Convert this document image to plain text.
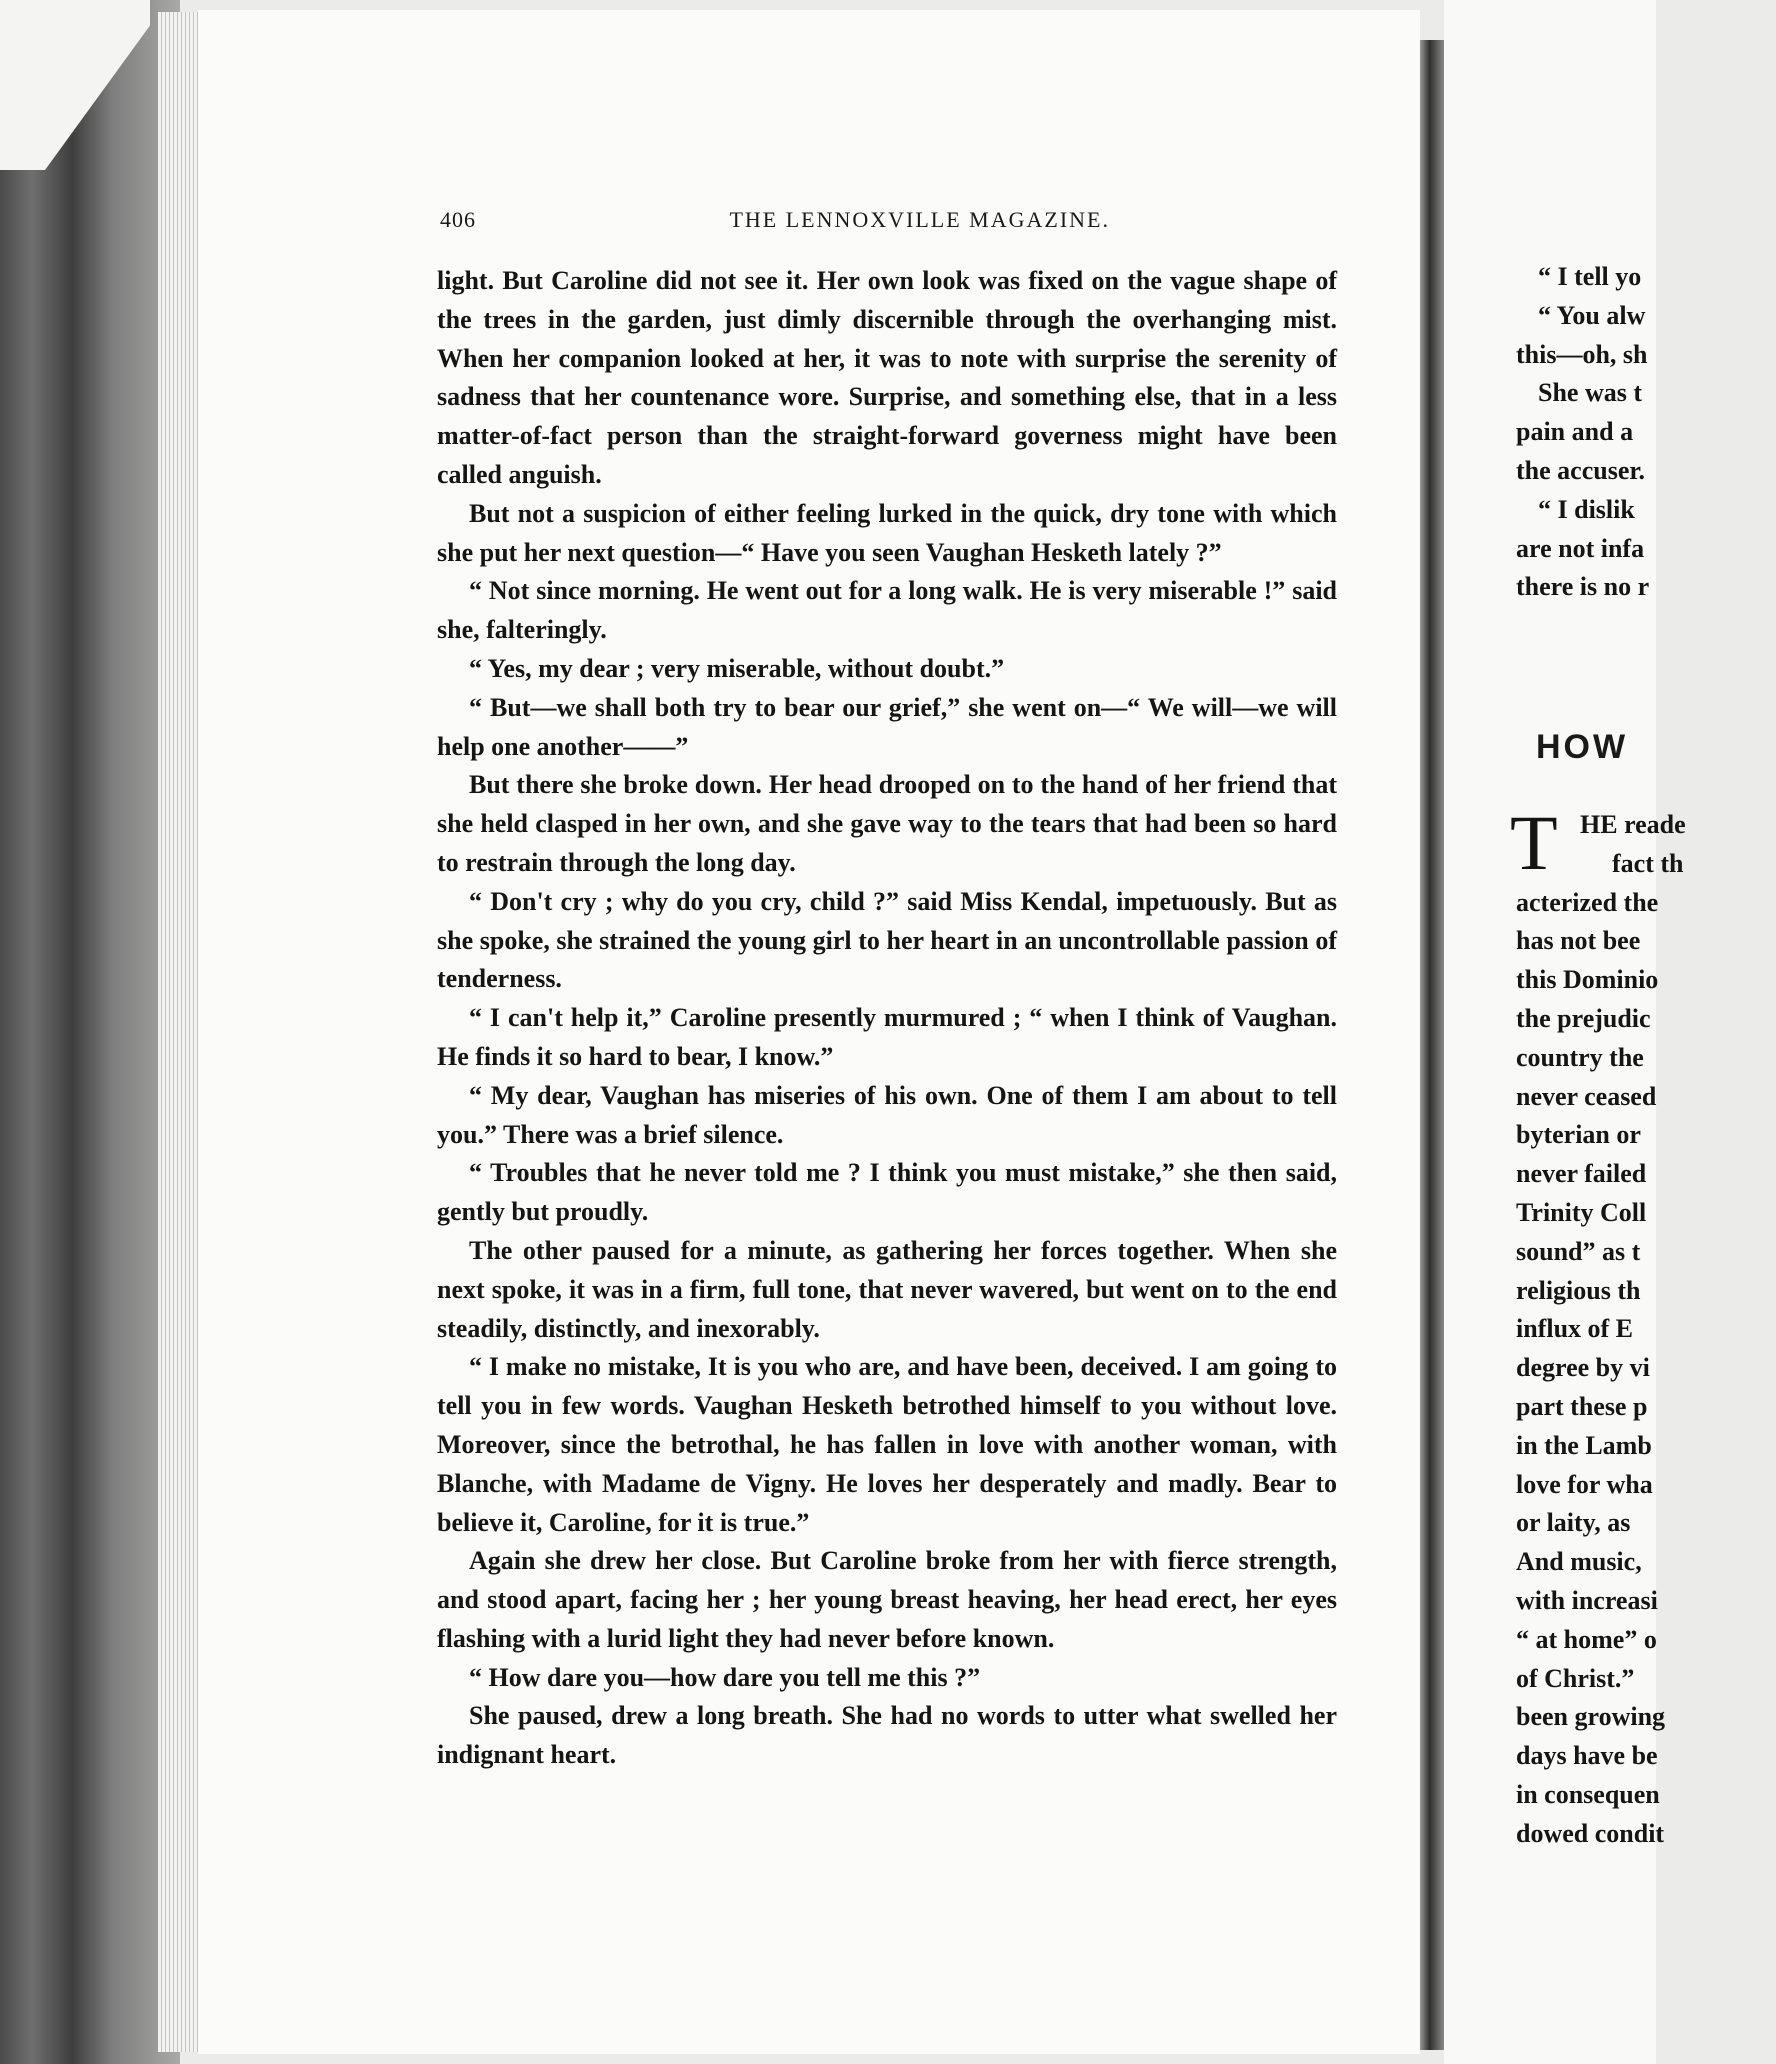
406	THE LENNOXVILLE MAGAZINE.

light. But Caroline did not see it. Her own look was fixed on the vague shape of the trees in the garden, just dimly discernible through the overhanging mist. When her companion looked at her, it was to note with surprise the serenity of sadness that her countenance wore. Surprise, and something else, that in a less matter-of-fact person than the straight-forward governess might have been called anguish.

But not a suspicion of either feeling lurked in the quick, dry tone with which she put her next question—“ Have you seen Vaughan Hesketh lately ?”

“ Not since morning. He went out for a long walk. He is very miserable !” said she, falteringly.

“ Yes, my dear ; very miserable, without doubt.”

“ But—we shall both try to bear our grief,” she went on—“ We will—we will help one another——”

But there she broke down. Her head drooped on to the hand of her friend that she held clasped in her own, and she gave way to the tears that had been so hard to restrain through the long day.

“ Don't cry ; why do you cry, child ?” said Miss Kendal, impetuously. But as she spoke, she strained the young girl to her heart in an uncontrollable passion of tenderness.

“ I can't help it,” Caroline presently murmured ; “ when I think of Vaughan. He finds it so hard to bear, I know.”

“ My dear, Vaughan has miseries of his own. One of them I am about to tell you.” There was a brief silence.

“ Troubles that he never told me ? I think you must mistake,” she then said, gently but proudly.

The other paused for a minute, as gathering her forces together. When she next spoke, it was in a firm, full tone, that never wavered, but went on to the end steadily, distinctly, and inexorably.

“ I make no mistake, It is you who are, and have been, deceived. I am going to tell you in few words. Vaughan Hesketh betrothed himself to you without love. Moreover, since the betrothal, he has fallen in love with another woman, with Blanche, with Madame de Vigny. He loves her desperately and madly. Bear to believe it, Caroline, for it is true.”

Again she drew her close. But Caroline broke from her with fierce strength, and stood apart, facing her ; her young breast heaving, her head erect, her eyes flashing with a lurid light they had never before known.

“ How dare you—how dare you tell me this ?”

She paused, drew a long breath. She had no words to utter what swelled her indignant heart.

“ I tell yo
“ You alw
this—oh, sh
She was t
pain and a
the accuser.
“ I dislik
are not infa
there is no r
HOW
T HE reade
fact th
acterized the
has not bee
this Dominio
the prejudic
country the
never ceased
byterian or
never failed
Trinity Coll
sound” as t
religious th
influx of E
degree by vi
part these p
in the Lamb
love for wha
or laity, as
And music,
with increasi
“ at home” o
of Christ.”
been growing
days have be
in consequen
dowed condit
